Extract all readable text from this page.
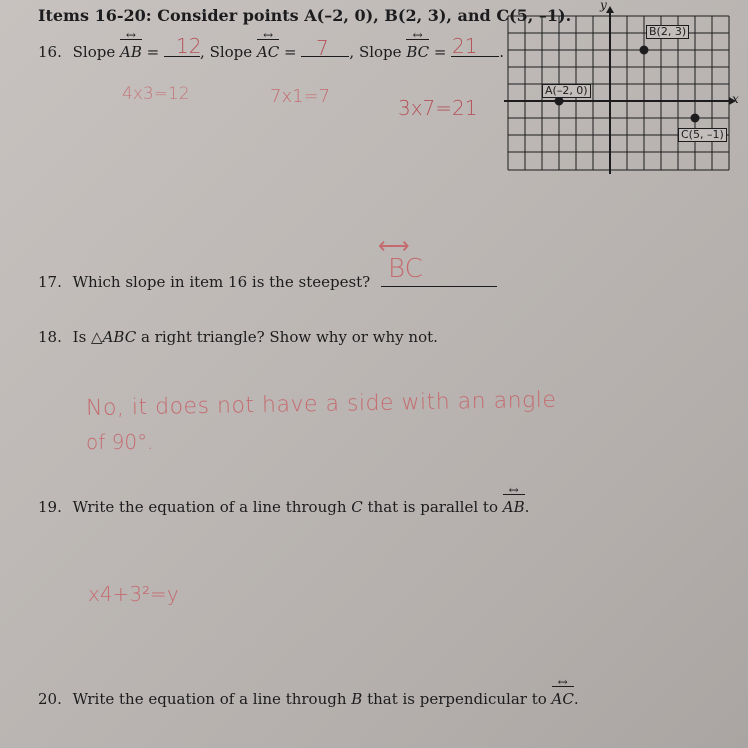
Items 16-20: Consider points A(–2, 0), B(2, 3), and C(5, –1).
16. Slope AB ↔ =	, Slope AC ↔ =	, Slope BC ↔ =	.
12	7	21
4x3=12	7x1=7	3x7=21	x
y
A(–2, 0)
B(2, 3)
C(5, –1)
17. Which slope in item 16 is the steepest?
⟷
BC
18. Is △ABC a right triangle? Show why or why not.
No, it does not have a side with an angle
of 90°.
19. Write the equation of a line through C that is parallel to AB ↔.
x4+3²=y
20. Write the equation of a line through B that is perpendicular to AC ↔.
